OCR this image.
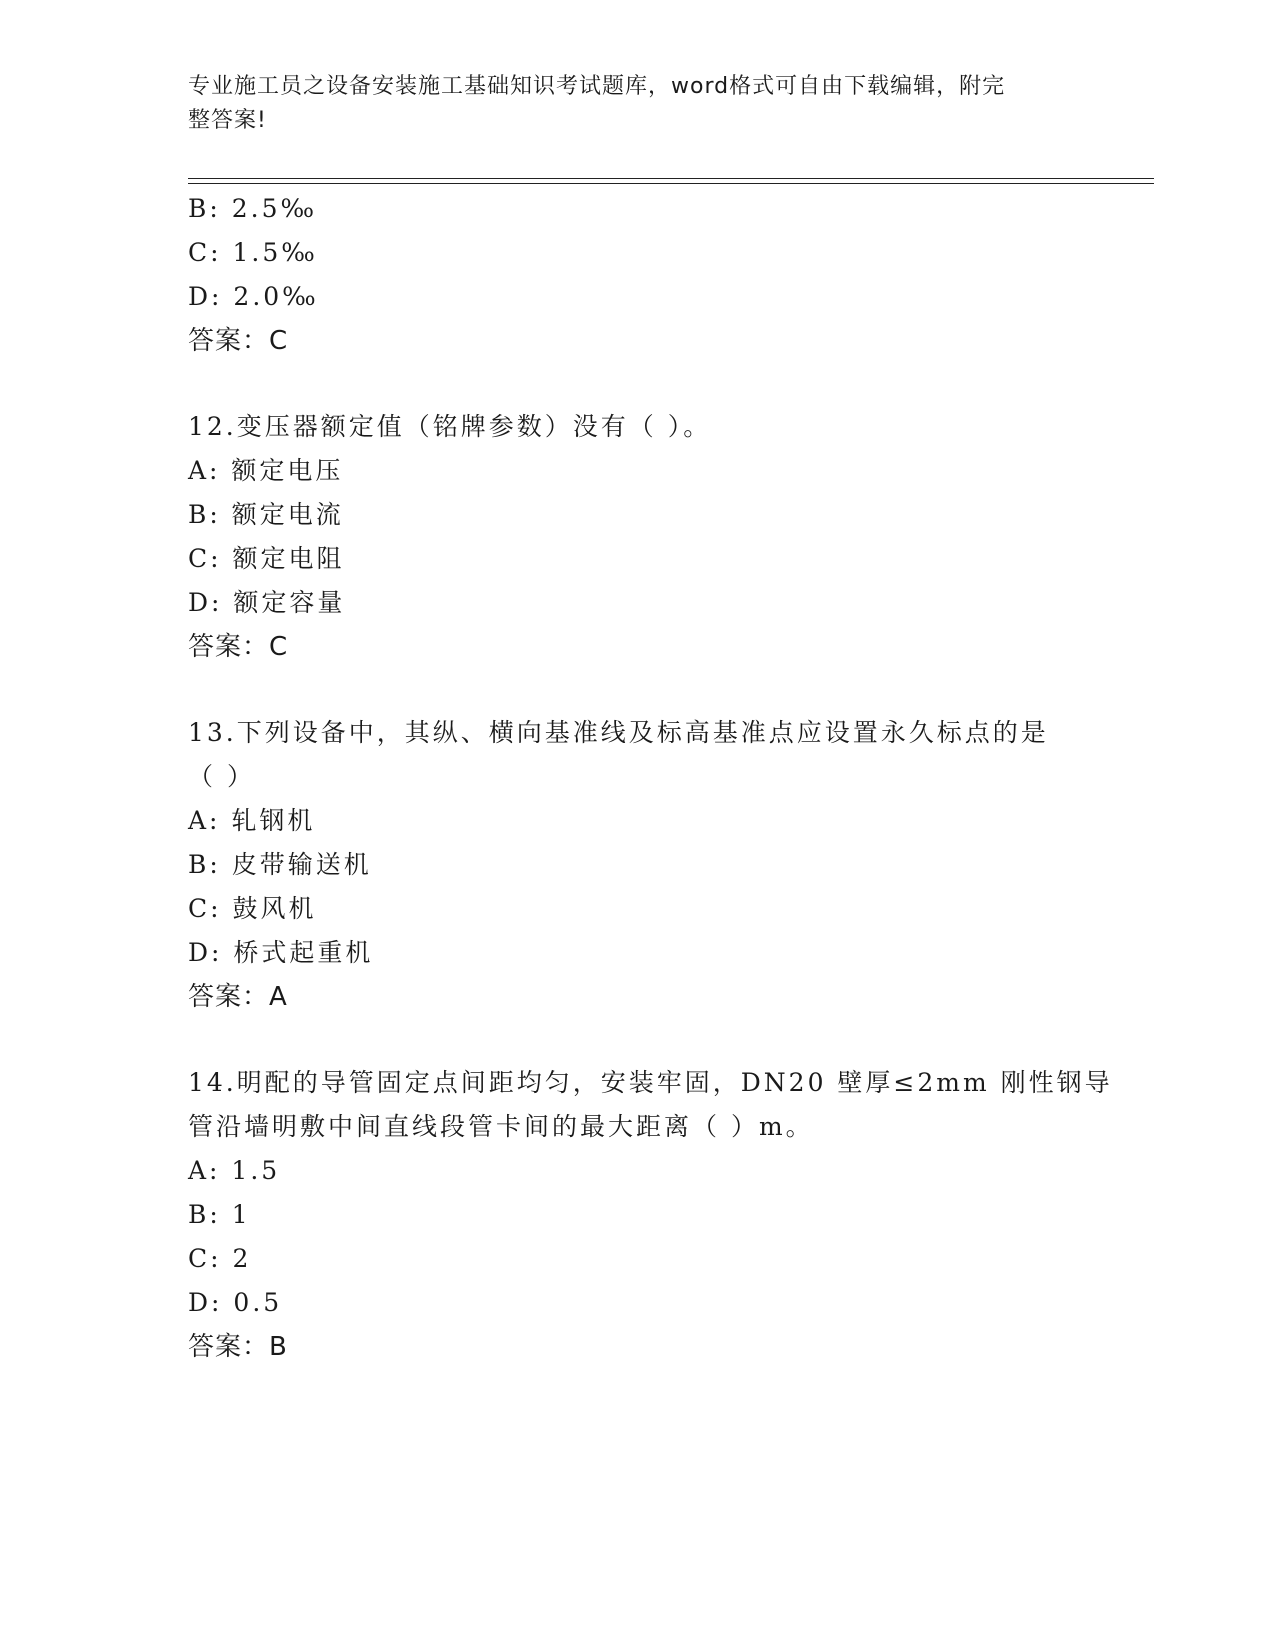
专业施工员之设备安装施工基础知识考试题库，word格式可自由下载编辑，附完
整答案!
B: 2.5‰
C: 1.5‰
D: 2.0‰
答案：C
12.变压器额定值（铭牌参数）没有（ ）。
A: 额定电压
B: 额定电流
C: 额定电阻
D: 额定容量
答案：C
13.下列设备中，其纵、横向基准线及标高基准点应设置永久标点的是
（ ）
A: 轧钢机
B: 皮带输送机
C: 鼓风机
D: 桥式起重机
答案：A
14.明配的导管固定点间距均匀，安装牢固，DN20 壁厚≤2mm 刚性钢导
管沿墙明敷中间直线段管卡间的最大距离（ ）m。
A: 1.5
B: 1
C: 2
D: 0.5
答案：B
